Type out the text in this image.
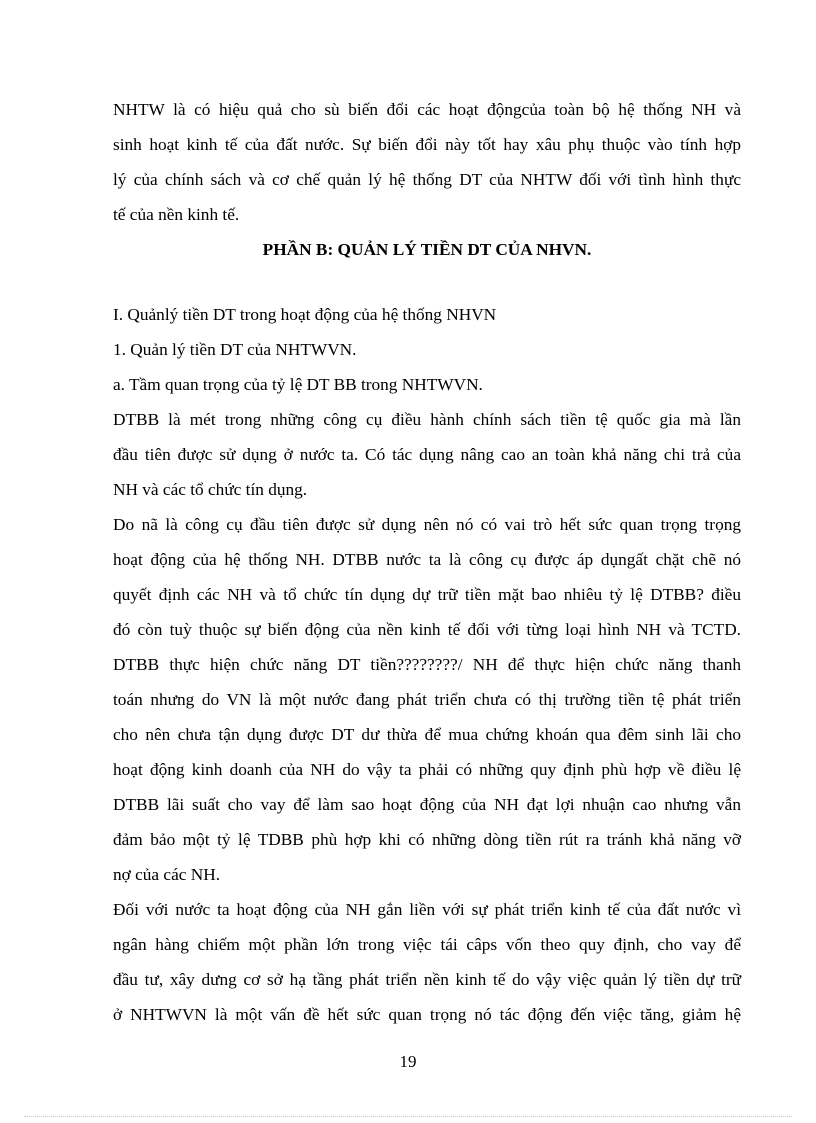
NHTW là có hiệu quả cho sù biến đổi các hoạt độngcủa toàn bộ hệ thống NH và
sinh hoạt kinh tế của đất nước. Sự biến đổi này tốt hay xâu phụ thuộc vào tính hợp
lý của chính sách và cơ chế quản lý hệ thống DT của NHTW đối với tình hình thực
tế của nền kinh tế.
PHẦN B: QUẢN LÝ TIỀN DT CỦA NHVN.
I. Quảnlý tiền DT trong hoạt động của hệ thống NHVN
1. Quản lý tiền DT của NHTWVN.
a. Tầm quan trọng của tỷ lệ DT BB trong NHTWVN.
DTBB là mét trong những công cụ điều hành chính sách tiền tệ quốc gia mà lần
đầu tiên được sử dụng ở nước ta. Có tác dụng nâng cao an toàn khả năng chi trả của
NH và các tổ chức tín dụng.
Do nã là công cụ đầu tiên được sử dụng nên nó có vai trò hết sức quan trọng trọng
hoạt động của hệ thống NH. DTBB nước ta là công cụ được áp dụngất chặt chẽ nó
quyết định các NH và tổ chức tín dụng dự trữ tiền mặt bao nhiêu tỷ lệ DTBB? điều
đó còn tuỳ thuộc sự biến động của nền kinh tế đối với từng loại hình NH và TCTD.
DTBB thực hiện chức năng DT tiền????????/ NH để thực hiện chức năng thanh
toán nhưng do VN là một nước đang phát triển chưa có thị trường tiền tệ phát triển
cho nên chưa tận dụng được DT dư thừa để mua chứng khoán qua đêm sinh lãi cho
hoạt động kinh doanh của NH do vậy ta phải có những quy định phù hợp về điều lệ
DTBB lãi suất cho vay để làm sao hoạt động của NH đạt lợi nhuận cao nhưng vẫn
đảm bảo một tỷ lệ TDBB phù hợp khi có những dòng tiền rút ra tránh khả năng vỡ
nợ của các NH.
Đối với nước ta hoạt động của NH gắn liền với sự phát triển kinh tế của đất nước vì
ngân hàng chiếm một phần lớn trong việc tái câps vốn theo quy định, cho vay để
đầu tư, xây dưng cơ sở hạ tầng phát triển nền kinh tế do vậy việc quản lý tiền dự trữ
ở NHTWVN là một vấn đề hết sức quan trọng nó tác động đến việc tăng, giảm hệ
19
